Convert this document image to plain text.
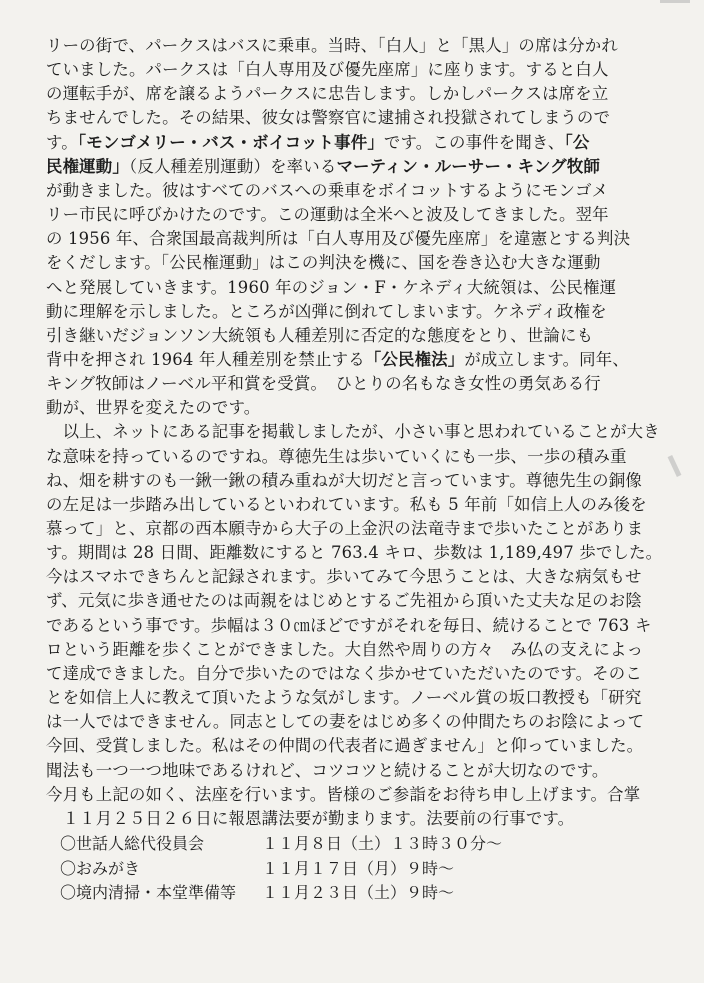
リーの街で、パークスはバスに乗車。当時、「白人」と「黒人」の席は分かれ
ていました。パークスは「白人専用及び優先座席」に座ります。すると白人
の運転手が、席を譲るようパークスに忠告します。しかしパークスは席を立
ちませんでした。その結果、彼女は警察官に逮捕され投獄されてしまうので
す。「モンゴメリー・バス・ボイコット事件」です。この事件を聞き、「公
民権運動」（反人種差別運動）を率いるマーティン・ルーサー・キング牧師
が動きました。彼はすべてのバスへの乗車をボイコットするようにモンゴメ
リー市民に呼びかけたのです。この運動は全米へと波及してきました。翌年
の 1956 年、合衆国最高裁判所は「白人専用及び優先座席」を違憲とする判決
をくだします。「公民権運動」はこの判決を機に、国を巻き込む大きな運動
へと発展していきます。1960 年のジョン・F・ケネディ大統領は、公民権運
動に理解を示しました。ところが凶弾に倒れてしまいます。ケネディ政権を
引き継いだジョンソン大統領も人種差別に否定的な態度をとり、世論にも
背中を押され 1964 年人種差別を禁止する「公民権法」が成立します。同年、
キング牧師はノーベル平和賞を受賞。　ひとりの名もなき女性の勇気ある行
動が、世界を変えたのです。
　以上、ネットにある記事を掲載しましたが、小さい事と思われていることが大き
な意味を持っているのですね。尊徳先生は歩いていくにも一歩、一歩の積み重
ね、畑を耕すのも一鍬一鍬の積み重ねが大切だと言っています。尊徳先生の銅像
の左足は一歩踏み出しているといわれています。私も 5 年前「如信上人のみ後を
慕って」と、京都の西本願寺から大子の上金沢の法竜寺まで歩いたことがありま
す。期間は 28 日間、距離数にすると 763.4 キロ、歩数は 1,189,497 歩でした。
今はスマホできちんと記録されます。歩いてみて今思うことは、大きな病気もせ
ず、元気に歩き通せたのは両親をはじめとするご先祖から頂いた丈夫な足のお陰
であるという事です。歩幅は３０㎝ほどですがそれを毎日、続けることで 763 キ
ロという距離を歩くことができました。大自然や周りの方々　み仏の支えによっ
て達成できました。自分で歩いたのではなく歩かせていただいたのです。そのこ
とを如信上人に教えて頂いたような気がします。ノーベル賞の坂口教授も「研究
は一人ではできません。同志としての妻をはじめ多くの仲間たちのお陰によって
今回、受賞しました。私はその仲間の代表者に過ぎません」と仰っていました。
聞法も一つ一つ地味であるけれど、コツコツと続けることが大切なのです。
今月も上記の如く、法座を行います。皆様のご参詣をお待ち申し上げます。合掌
　１１月２５日２６日に報恩講法要が勤まります。法要前の行事です。
〇世話人総代役員会	１１月８日（土）１３時３０分～
〇おみがき	１１月１７日（月）９時～
〇境内清掃・本堂準備等 １１月２３日（土）９時～
